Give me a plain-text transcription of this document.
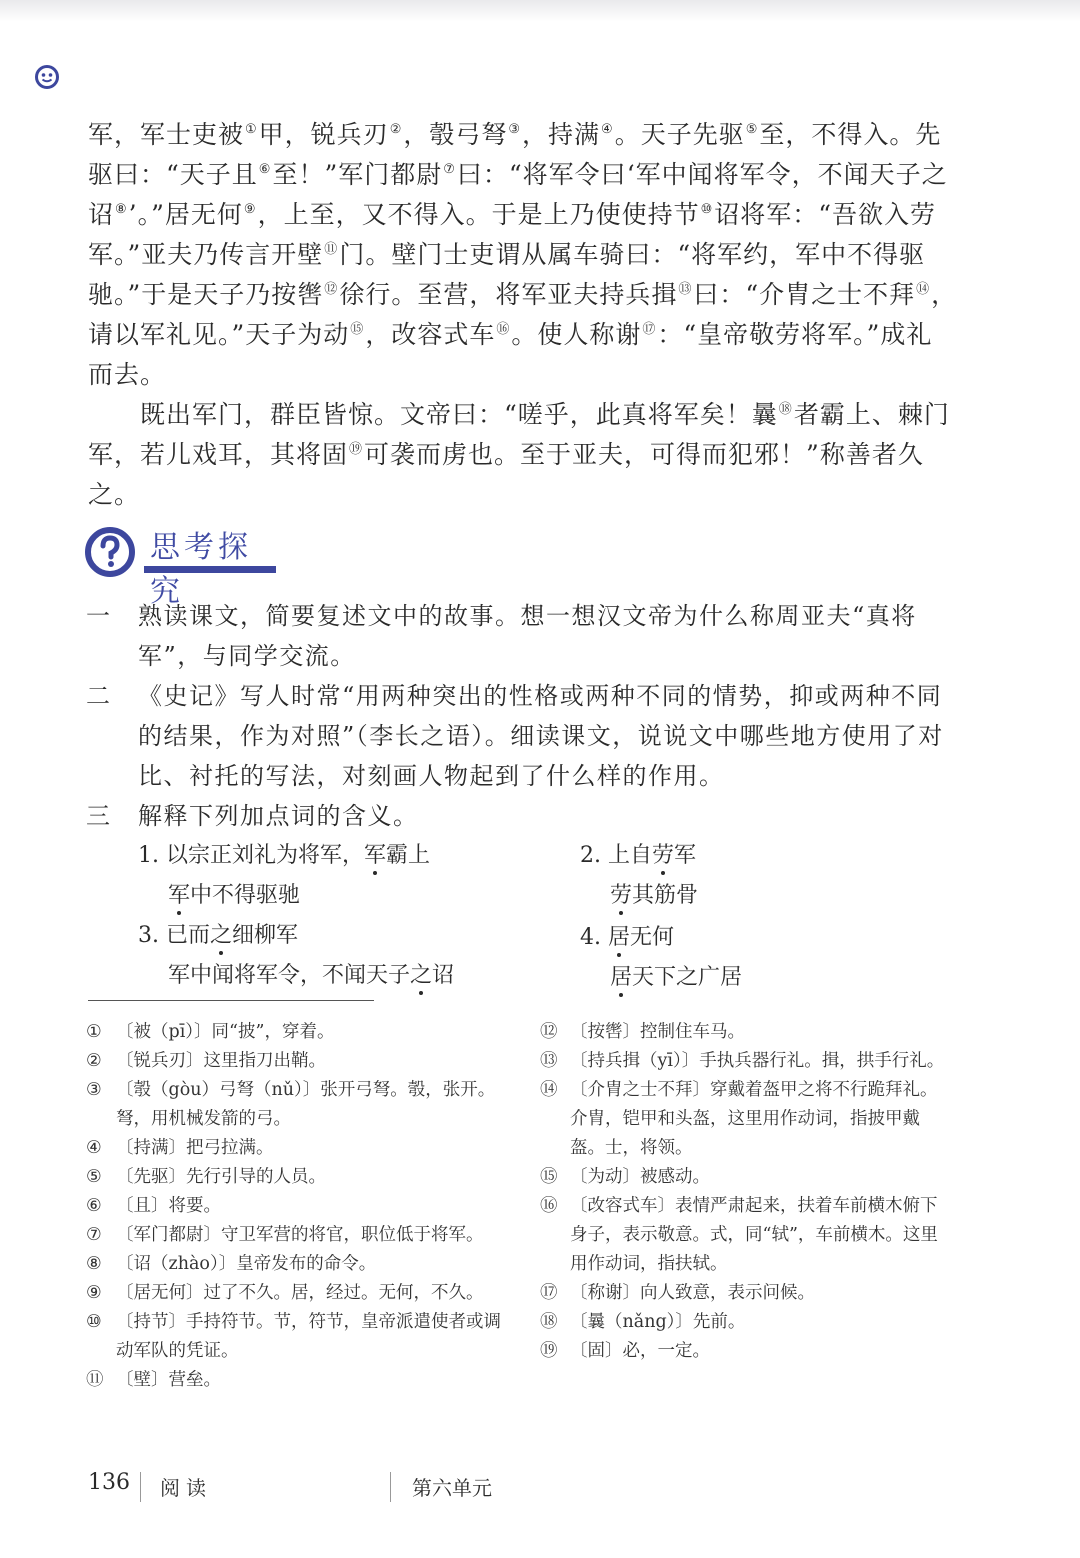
军，军士吏被①甲，锐兵刃②，彀弓弩③，持满④。天子先驱⑤至，不得入。先驱曰：“天子且⑥至！”军门都尉⑦曰：“将军令曰‘军中闻将军令，不闻天子之诏⑧’。”居无何⑨，上至，又不得入。于是上乃使使持节⑩诏将军：“吾欲入劳军。”亚夫乃传言开壁⑪门。壁门士吏谓从属车骑曰：“将军约，军中不得驱驰。”于是天子乃按辔⑫徐行。至营，将军亚夫持兵揖⑬曰：“介胄之士不拜⑭，请以军礼见。”天子为动⑮，改容式车⑯。使人称谢⑰：“皇帝敬劳将军。”成礼而去。

既出军门，群臣皆惊。文帝曰：“嗟乎，此真将军矣！曩⑱者霸上、棘门军，若儿戏耳，其将固⑲可袭而虏也。至于亚夫，可得而犯邪！”称善者久之。

思考探究
一 熟读课文，简要复述文中的故事。想一想汉文帝为什么称周亚夫“真将军”，与同学交流。
二 《史记》写人时常“用两种突出的性格或两种不同的情势，抑或两种不同的结果，作为对照”（李长之语）。细读课文，说说文中哪些地方使用了对比、衬托的写法，对刻画人物起到了什么样的作用。
三 解释下列加点词的含义。
1. 以宗正刘礼为将军，军霸上
军中不得驱驰
2. 上自劳军
劳其筋骨
3. 已而之细柳军
军中闻将军令，不闻天子之诏
4. 居无何
居天下之广居
① 〔被（pī）〕同“披”，穿着。
② 〔锐兵刃〕这里指刀出鞘。
③ 〔彀（gòu）弓弩（nǔ）〕张开弓弩。彀，张开。弩，用机械发箭的弓。
④ 〔持满〕把弓拉满。
⑤ 〔先驱〕先行引导的人员。
⑥ 〔且〕将要。
⑦ 〔军门都尉〕守卫军营的将官，职位低于将军。
⑧ 〔诏（zhào）〕皇帝发布的命令。
⑨ 〔居无何〕过了不久。居，经过。无何，不久。
⑩ 〔持节〕手持符节。节，符节，皇帝派遣使者或调动军队的凭证。
⑪ 〔壁〕营垒。
⑫ 〔按辔〕控制住车马。
⑬ 〔持兵揖（yī）〕手执兵器行礼。揖，拱手行礼。
⑭ 〔介胄之士不拜〕穿戴着盔甲之将不行跪拜礼。介胄，铠甲和头盔，这里用作动词，指披甲戴盔。士，将领。
⑮ 〔为动〕被感动。
⑯ 〔改容式车〕表情严肃起来，扶着车前横木俯下身子，表示敬意。式，同“轼”，车前横木。这里用作动词，指扶轼。
⑰ 〔称谢〕向人致意，表示问候。
⑱ 〔曩（nǎng）〕先前。
⑲ 〔固〕必，一定。
136 阅读	第六单元
